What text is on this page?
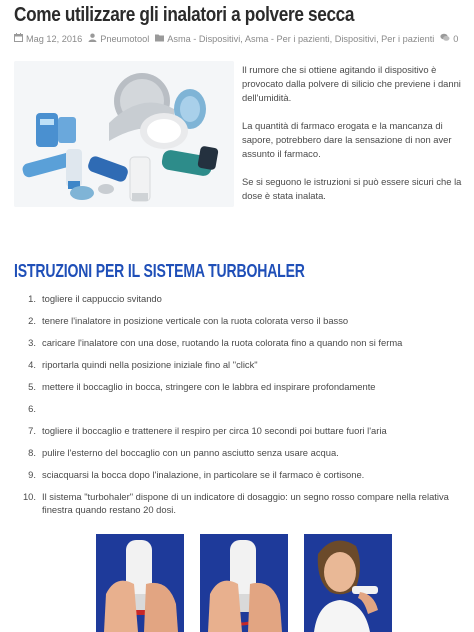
Come utilizzare gli inalatori a polvere secca
Mag 12, 2016 Pneumotool Asma - Dispositivi, Asma - Per i pazienti, Dispositivi, Per i pazienti 0

Il rumore che si ottiene agitando il dispositivo è provocato dalla polvere di silicio che previene i danni dell'umidità.

La quantità di farmaco erogata e la mancanza di sapore, potrebbero dare la sensazione di non aver assunto il farmaco.

Se si seguono le istruzioni si può essere sicuri che la dose è stata inalata.

ISTRUZIONI PER IL SISTEMA TURBOHALER
1. togliere il cappuccio svitando
2. tenere l'inalatore in posizione verticale con la ruota colorata verso il basso
3. caricare l'inalatore con una dose, ruotando la ruota colorata fino a quando non si ferma
4. riportarla quindi nella posizione iniziale fino al "click"
5. mettere il boccaglio in bocca, stringere con le labbra ed inspirare profondamente
6.
7. togliere il boccaglio e trattenere il respiro per circa 10 secondi poi buttare fuori l'aria
8. pulire l'esterno del boccaglio con un panno asciutto senza usare acqua.
9. sciacquarsi la bocca dopo l'inalazione, in particolare se il farmaco è cortisone.
10. Il sistema "turbohaler" dispone di un indicatore di dosaggio: un segno rosso compare nella relativa finestra quando restano 20 dosi.
